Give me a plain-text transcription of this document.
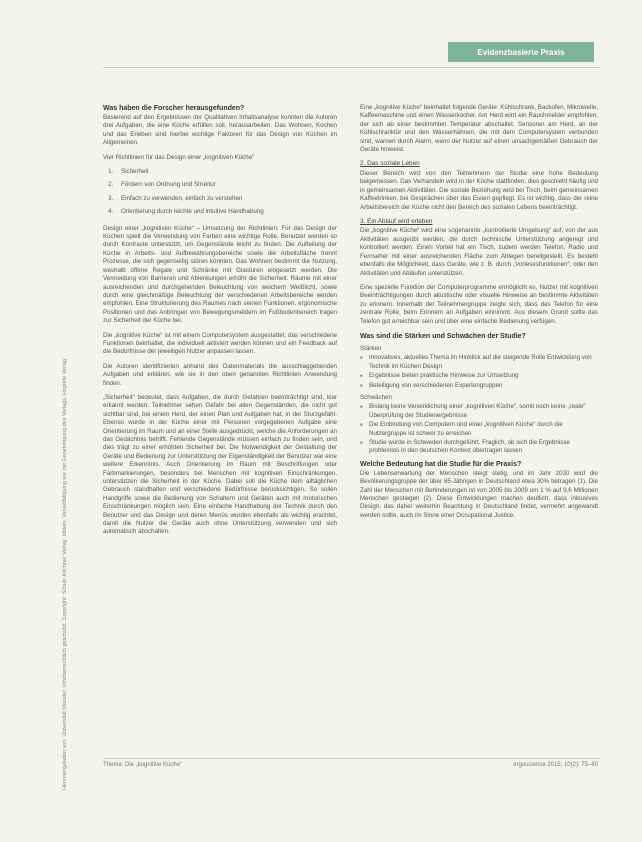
Evidenzbasierte Praxis
Heruntergeladen von: Universität Münster. Urheberrechtlich geschützt. Copyright: Schulz-Kirchner Verlag. Idstein. Vervielfältigung nur mit Genehmigung des Verlags. Hogrefe Verlag.
Was haben die Forscher herausgefunden?

Basierend auf den Ergebnissen der Qualitativen Inhaltsanalyse konnten die Autoren drei Aufgaben, die eine Küche erfüllen soll, herausarbeiten. Das Wohnen, Kochen und das Erleben sind hierbei wichtige Faktoren für das Design von Küchen im Allgemeinen.

Vier Richtlinien für das Design einer „kognitiven Küche“

1. Sicherheit
2. Fördern von Ordnung und Struktur
3. Einfach zu verwenden, einfach zu verstehen
4. Orientierung durch leichte und intuitive Handhabung

Design einer „kognitiven Küche“ – Umsetzung der Richtlinien: Für das Design der Küchen spielt die Verwendung von Farben eine wichtige Rolle. Benutzer werden so durch Kontraste unterstützt, um Gegenstände leicht zu finden. Die Aufteilung der Küche in Arbeits- und Aufbewahrungsbereiche sowie die Arbeitsfläche trennt Prozesse, die sich gegenseitig stören könnten. Das Wohnen bestimmt die Nutzung, weshalb offene Regale und Schränke mit Glastüren eingesetzt werden. Die Vermeidung von Barrieren und Ablenkungen erhöht die Sicherheit. Räume mit einer ausreichenden und durchgehenden Beleuchtung von weichem Weißlicht, sowie durch eine gleichmäßige Beleuchtung der verschiedenen Arbeitsbereiche werden empfohlen. Eine Strukturierung des Raumes nach seinen Funktionen, ergonomische Positionen und das Anbringen von Bewegungsmeldern im Fußbodenbereich tragen zur Sicherheit der Küche bei.

Die „kognitive Küche“ ist mit einem Computersystem ausgestattet, das verschiedene Funktionen beinhaltet, die individuell aktiviert werden können und ein Feedback auf die Bedürfnisse der jeweiligen Nutzer anpassen lassen.

Die Autoren identifizierten anhand des Datenmaterials die ausschlaggebenden Aufgaben und erklären, wie sie in den oben genannten Richtlinien Anwendung finden.

„Sicherheit“ bedeutet, dass Aufgaben, die durch Gefahren beeinträchtigt sind, klar erkannt werden. Teilnehmer sehen Gefahr bei allen Gegenständen, die nicht gut sichtbar sind, bei einem Herd, der einen Plan und Aufgaben hat, in der Sturzgefahr. Ebenso wurde in der Küche einer mit Personen vorgegebenen Aufgabe eine Orientierung im Raum und an einer Stelle ausgedrückt, welche die Anforderungen an das Gedächtnis betrifft. Fehlende Gegenstände müssen einfach zu finden sein, und dies trägt zu einer erhöhten Sicherheit bei. Die Notwendigkeit der Gestaltung der Geräte und Bedienung zur Unterstützung der Eigenständigkeit der Benutzer war eine weitere Erkenntnis. Auch Orientierung im Raum mit Beschriftungen oder Farbmarkierungen, besonders bei Menschen mit kognitiven Einschränkungen, unterstützen die Sicherheit in der Küche. Dabei soll die Küche dem alltäglichen Gebrauch standhalten und verschiedene Bedürfnisse berücksichtigen. So sollen Handgriffe sowie die Bedienung von Schaltern und Geräten auch mit motorischen Einschränkungen möglich sein. Eine einfache Handhabung der Technik durch den Benutzer und das Design und deren Menüs wurden ebenfalls als wichtig erachtet, damit die Nutzer die Geräte auch ohne Unterstützung verwenden und sich automatisch abschalten.

Eine „kognitive Küche“ beinhaltet folgende Geräte: Kühlschrank, Backofen, Mikrowelle, Kaffeemaschine und einen Wasserkocher. Am Herd wird ein Rauchmelder empfohlen, der sich ab einer bestimmten Temperatur abschaltet. Sensoren am Herd, an der Kühlschranktür und den Wasserhähnen, die mit dem Computersystem verbunden sind, warnen durch Alarm, wenn der Nutzer auf einen unsachgemäßen Gebrauch der Geräte hinweist.

2. Das soziale Leben

Dieser Bereich wird von den Teilnehmern der Studie eine hohe Bedeutung beigemessen. Das Verhandeln wird in der Küche stattfinden, dies geschieht häufig und in gemeinsamen Aktivitäten. Die soziale Beziehung wird bei Tisch, beim gemeinsamen Kaffeetrinken, bei Gesprächen über das Essen gepflegt. Es ist wichtig, dass der reine Arbeitsbereich der Küche nicht den Bereich des sozialen Lebens beeinträchtigt.

3. Ein Ablauf wird erleben

Die „kognitive Küche“ wird eine sogenannte „kontrollierte Umgebung“ auf, von der aus Aktivitäten ausgeübt werden, die durch technische Unterstützung angeregt und kontrolliert werden. Einen Vorteil hat ein Tisch, zudem werden Telefon, Radio und Fernseher mit einer ausreichenden Fläche zum Ablegen bereitgestellt. Es besteht ebenfalls die Möglichkeit, dass Geräte, wie z. B. durch „Vorlesesfunktionen“, oder den Aktivitäten und Abläufen unterstützen.

Eine spezielle Funktion der Computerprogramme ermöglicht es, Nutzer mit kognitiven Beeinträchtigungen durch akustische oder visuelle Hinweise an bestimmte Aktivitäten zu erinnern. Innerhalb der Teilnehmergruppe zeigte sich, dass das Telefon für eine zentrale Rolle, beim Erinnern an Aufgaben einnimmt. Aus diesem Grund sollte das Telefon gut erreichbar sein und über eine einfache Bedienung verfügen.

Was sind die Stärken und Schwächen der Studie?
Stärken
■ Innovatives, aktuelles Thema im Hinblick auf die steigende Rolle Entwicklung von Technik im Küchen Design
■ Ergebnisse bieten praktische Hinweise zur Umsetzung
■ Beteiligung von verschiedenen Expertengruppen
Schwächen
■ Bislang keine Verwirklichung einer „kognitiven Küche“, somit noch keine „reale“ Überprüfung der Studienergebnisse
■ Die Einbindung von Computern und einer „kognitiven Küche“ durch die Nutzergruppe ist schwer zu erreichen
■ Studie wurde in Schweden durchgeführt. Fraglich, ob sich die Ergebnisse problemlos in den deutschen Kontext übertragen lassen
Welche Bedeutung hat die Studie für die Praxis?

Die Lebenserwartung der Menschen steigt stetig, und im Jahr 2030 wird die Bevölkerungsgruppe der über 65-Jährigen in Deutschland etwa 30% betragen (1). Die Zahl der Menschen mit Behinderungen ist von 2005 bis 2009 um 1 % auf 9,6 Millionen Menschen gestiegen (2). Diese Entwicklungen machen deutlich, dass inklusives Design, das daher weiterhin Beachtung in Deutschland findet, vermehrt angewandt werden sollte, auch im Sinne einer Occupational Justice.

Thema: Die „kognitive Küche“	ergoscience 2015; 10(2): 75–80
